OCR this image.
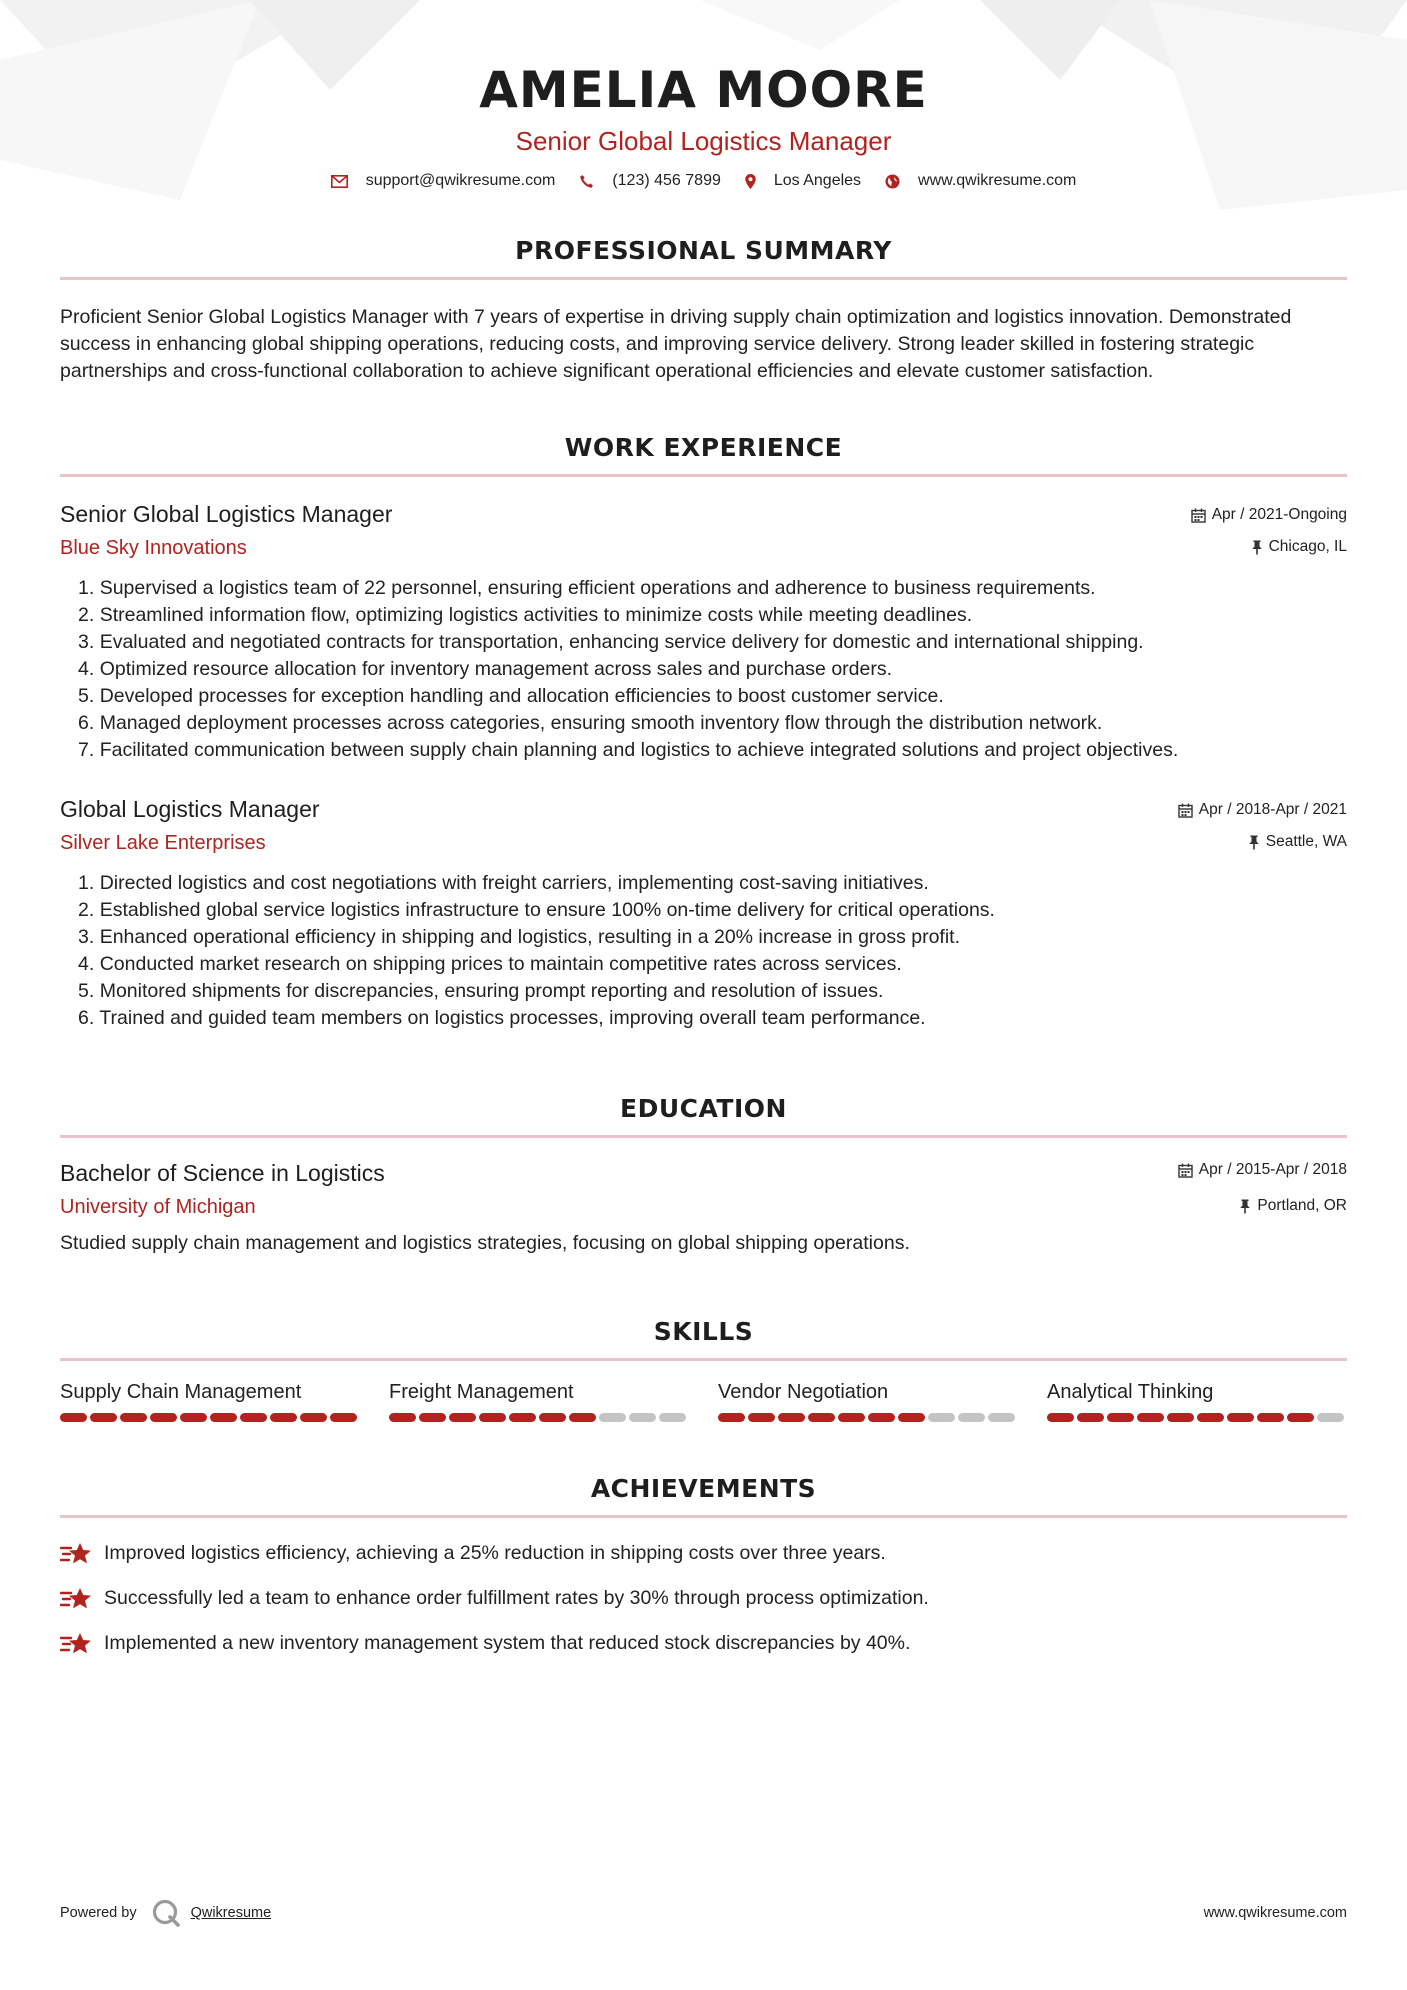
AMELIA MOORE
Senior Global Logistics Manager
support@qwikresume.com	(123) 456 7899	Los Angeles	www.qwikresume.com
PROFESSIONAL SUMMARY
Proficient Senior Global Logistics Manager with 7 years of expertise in driving supply chain optimization and logistics innovation. Demonstrated success in enhancing global shipping operations, reducing costs, and improving service delivery. Strong leader skilled in fostering strategic partnerships and cross-functional collaboration to achieve significant operational efficiencies and elevate customer satisfaction.
WORK EXPERIENCE
Senior Global Logistics Manager
Blue Sky Innovations
Apr / 2021-Ongoing
Chicago, IL
Supervised a logistics team of 22 personnel, ensuring efficient operations and adherence to business requirements.
Streamlined information flow, optimizing logistics activities to minimize costs while meeting deadlines.
Evaluated and negotiated contracts for transportation, enhancing service delivery for domestic and international shipping.
Optimized resource allocation for inventory management across sales and purchase orders.
Developed processes for exception handling and allocation efficiencies to boost customer service.
Managed deployment processes across categories, ensuring smooth inventory flow through the distribution network.
Facilitated communication between supply chain planning and logistics to achieve integrated solutions and project objectives.
Global Logistics Manager
Silver Lake Enterprises
Apr / 2018-Apr / 2021
Seattle, WA
Directed logistics and cost negotiations with freight carriers, implementing cost-saving initiatives.
Established global service logistics infrastructure to ensure 100% on-time delivery for critical operations.
Enhanced operational efficiency in shipping and logistics, resulting in a 20% increase in gross profit.
Conducted market research on shipping prices to maintain competitive rates across services.
Monitored shipments for discrepancies, ensuring prompt reporting and resolution of issues.
Trained and guided team members on logistics processes, improving overall team performance.
EDUCATION
Bachelor of Science in Logistics
University of Michigan
Apr / 2015-Apr / 2018
Portland, OR
Studied supply chain management and logistics strategies, focusing on global shipping operations.
SKILLS
Supply Chain Management	Freight Management	Vendor Negotiation	Analytical Thinking
ACHIEVEMENTS
Improved logistics efficiency, achieving a 25% reduction in shipping costs over three years.
Successfully led a team to enhance order fulfillment rates by 30% through process optimization.
Implemented a new inventory management system that reduced stock discrepancies by 40%.
Powered by	Qwikresume	www.qwikresume.com
